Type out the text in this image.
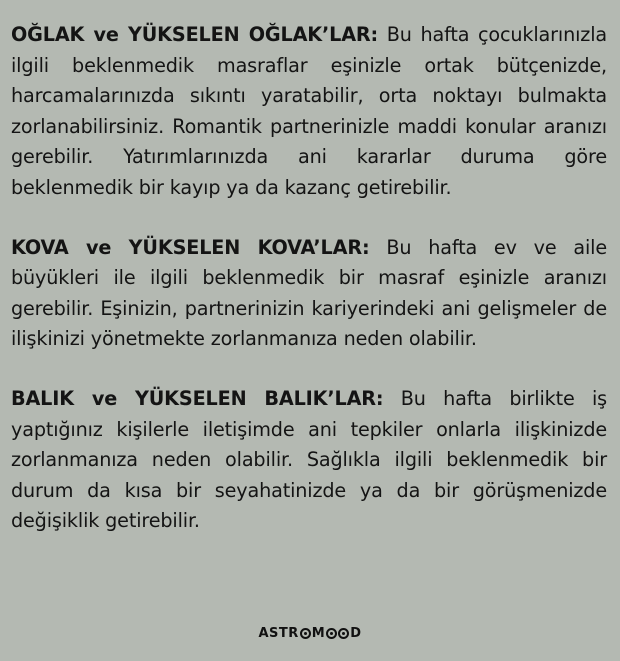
OĞLAK ve YÜKSELEN OĞLAK’LAR: Bu hafta çocuklarınızla ilgili beklenmedik masraflar eşinizle ortak bütçenizde, harcamalarınızda sıkıntı yaratabilir, orta noktayı bulmakta zorlanabilirsiniz. Romantik partnerinizle maddi konular aranızı gerebilir. Yatırımlarınızda ani kararlar duruma göre beklenmedik bir kayıp ya da kazanç getirebilir.

KOVA ve YÜKSELEN KOVA’LAR: Bu hafta ev ve aile büyükleri ile ilgili beklenmedik bir masraf eşinizle aranızı gerebilir. Eşinizin, partnerinizin kariyerindeki ani gelişmeler de ilişkinizi yönetmekte zorlanmanıza neden olabilir.

BALIK ve YÜKSELEN BALIK’LAR: Bu hafta birlikte iş yaptığınız kişilerle iletişimde ani tepkiler onlarla ilişkinizde zorlanmanıza neden olabilir. Sağlıkla ilgili beklenmedik bir durum da kısa bir seyahatinizde ya da bir görüşmenizde değişiklik getirebilir.

ASTR M D
